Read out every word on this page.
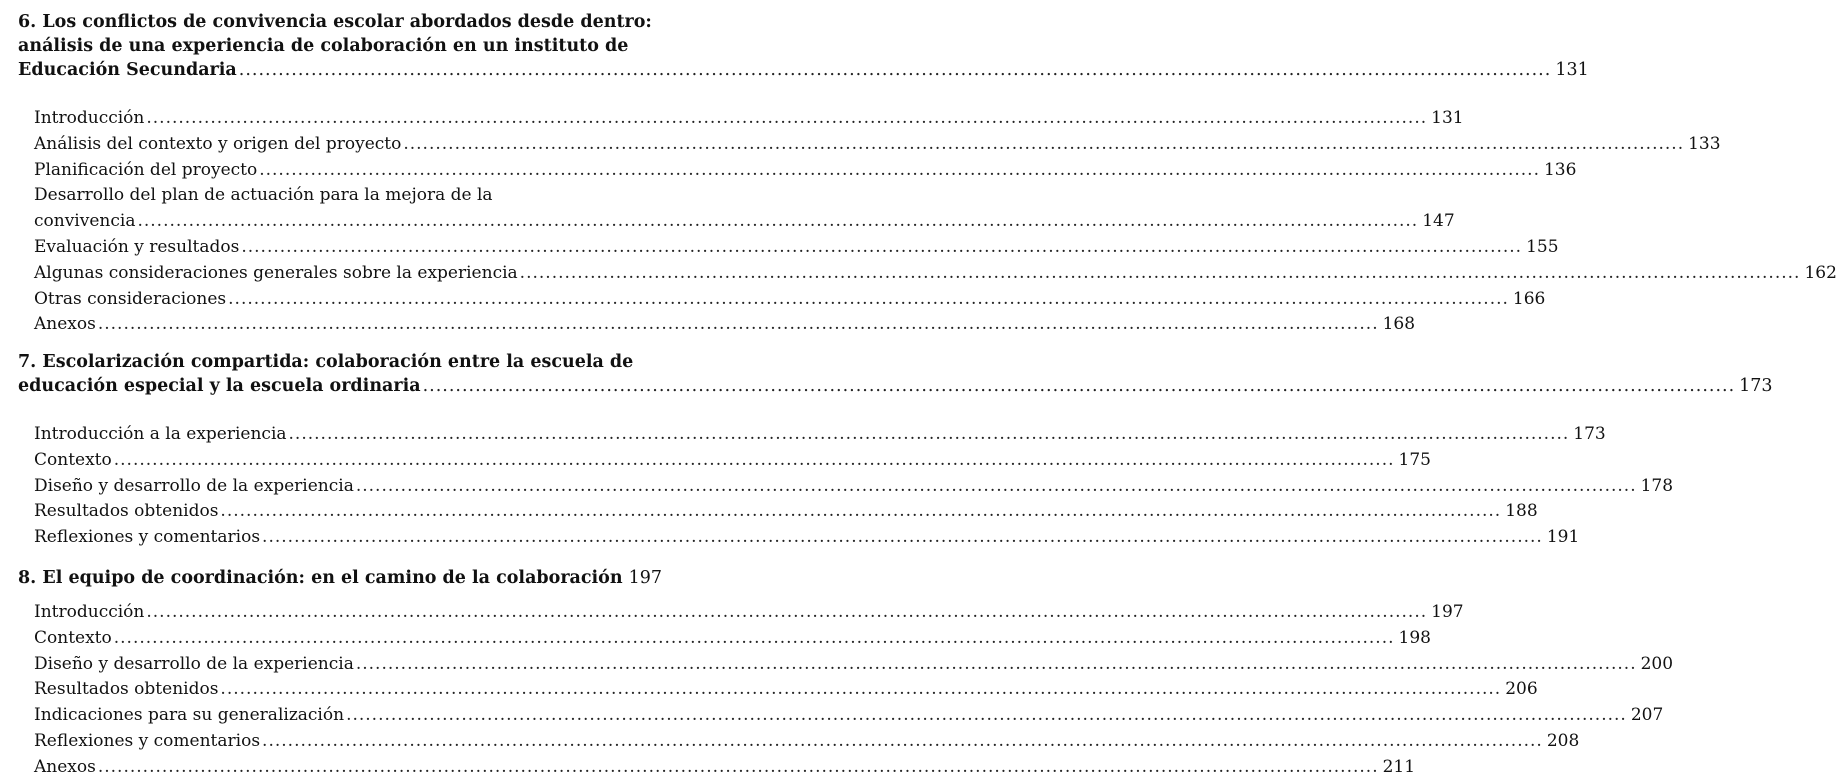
6. Los conflictos de convivencia escolar abordados desde dentro:
análisis de una experiencia de colaboración en un instituto de
Educación Secundaria .....	131
Introducción .....	131
Análisis del contexto y origen del proyecto .....	133
Planificación del proyecto .....	136
Desarrollo del plan de actuación para la mejora de la
convivencia .....	147
Evaluación y resultados .....	155
Algunas consideraciones generales sobre la experiencia .....	162
Otras consideraciones .....	166
Anexos .....	168
7. Escolarización compartida: colaboración entre la escuela de
educación especial y la escuela ordinaria .....	173
Introducción a la experiencia .....	173
Contexto .....	175
Diseño y desarrollo de la experiencia .....	178
Resultados obtenidos .....	188
Reflexiones y comentarios .....	191
8. El equipo de coordinación: en el camino de la colaboración 197
Introducción .....	197
Contexto .....	198
Diseño y desarrollo de la experiencia .....	200
Resultados obtenidos .....	206
Indicaciones para su generalización .....	207
Reflexiones y comentarios .....	208
Anexos .....	211
